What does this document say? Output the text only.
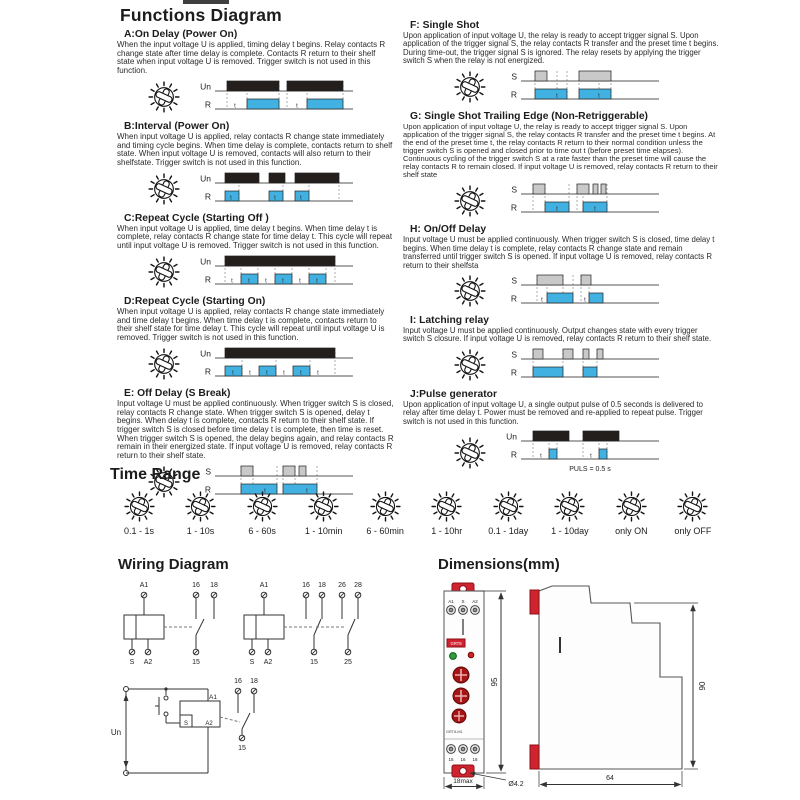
Functions Diagram
A:On Delay (Power On)

When the input voltage U is applied, timing delay t begins. Relay contacts R change state after time delay is complete. Contacts R return to their shelf state when input voltage U is removed. Trigger switch is not used in this function.

Un
R	t	t
B:Interval (Power On)

When input voltage U is applied, relay contacts R change state immediately and timing cycle begins. When time delay is complete, contacts return to shelf state. When input voltage U is removed, contacts will also return to their shelfstate. Trigger switch is not used in this function.

Un
R	t	t	t
C:Repeat Cycle (Starting Off )

When input voltage U is applied, time delay t begins. When time delay t is complete, relay contacts R change state for time delay t. This cycle will repeat until input voltage U is removed. Trigger switch is not used in this function.

Un
R	t	t	t	t	t	t
D:Repeat Cycle (Starting On)

When input voltage U is applied, relay contacts R change state immediately and time delay t begins. When time delay t is complete, contacts return to their shelf state for time delay t. This cycle will repeat until input voltage U is removed. Trigger switch is not used in this function.

Un
R	t	t	t	t	t	t
E: Off Delay (S Break)

Input voltage U must be applied continuously. When trigger switch S is closed, relay contacts R change state. When trigger switch S is opened, delay t begins. When delay t is complete, contacts R return to their shelf state. If trigger switch S is closed before time delay t is complete, then time is reset. When trigger switch S is opened, the delay begins again, and relay contacts R remain in their energized state. If input voltage U is removed, relay contacts R return to their shelf state.

S
R	t	t
F: Single Shot

Upon application of input voltage U, the relay is ready to accept trigger signal S. Upon application of the trigger signal S, the relay contacts R transfer and the preset time t begins. During time-out, the trigger signal S is ignored. The relay resets by applying the trigger switch S when the relay is not energized.

S
R	t	t
G: Single Shot Trailing Edge (Non-Retriggerable)

Upon application of input voltage U, the relay is ready to accept trigger signal S. Upon application of the trigger signal S, the relay contacts R transfer and the preset time t begins. At the end of the preset time t, the relay contacts R return to their normal condition unless the trigger switch S is opened and closed prior to time out t (before preset time elapses). Continuous cycling of the trigger switch S at a rate faster than the preset time will cause the relay contacts R to remain closed. If input voltage U is removed, relay contacts R return to their shelf state

S
R	t	t
H: On/Off Delay

Input voltage U must be applied continuously. When trigger switch S is closed, time delay t begins. When time delay t is complete, relay contacts R change state and remain transferred until trigger switch S is opened. If input voltage U is removed, relay contacts R return to their shelfsta

S
R	t	t
I: Latching relay

Input voltage U must be applied continuously. Output changes state with every trigger switch S closure. If input voltage U is removed, relay contacts R return to their shelf state.

S
R
J:Pulse generator

Upon application of input voltage U, a single output pulse of 0.5 seconds is delivered to relay after time delay t. Power must be removed and re-applied to repeat pulse. Trigger switch is not used in this function.

Un
R	t	t
PULS = 0.5 s
Time Range
0.1 - 1s	1 - 10s	6 - 60s	1 - 10min	6 - 60min	1 - 10hr	0.1 - 1day	1 - 10day	only ON	only OFF
Wiring Diagram
A1	16 18
S A2	15
A1	16 18 26 28
S A2	15	25
Un
A1
S	A2
16 18
15
Dimensions(mm)
A1 S A2
GRT8
GRT8-M1
15 16 18
95
18max	Ø4.2
90
64
